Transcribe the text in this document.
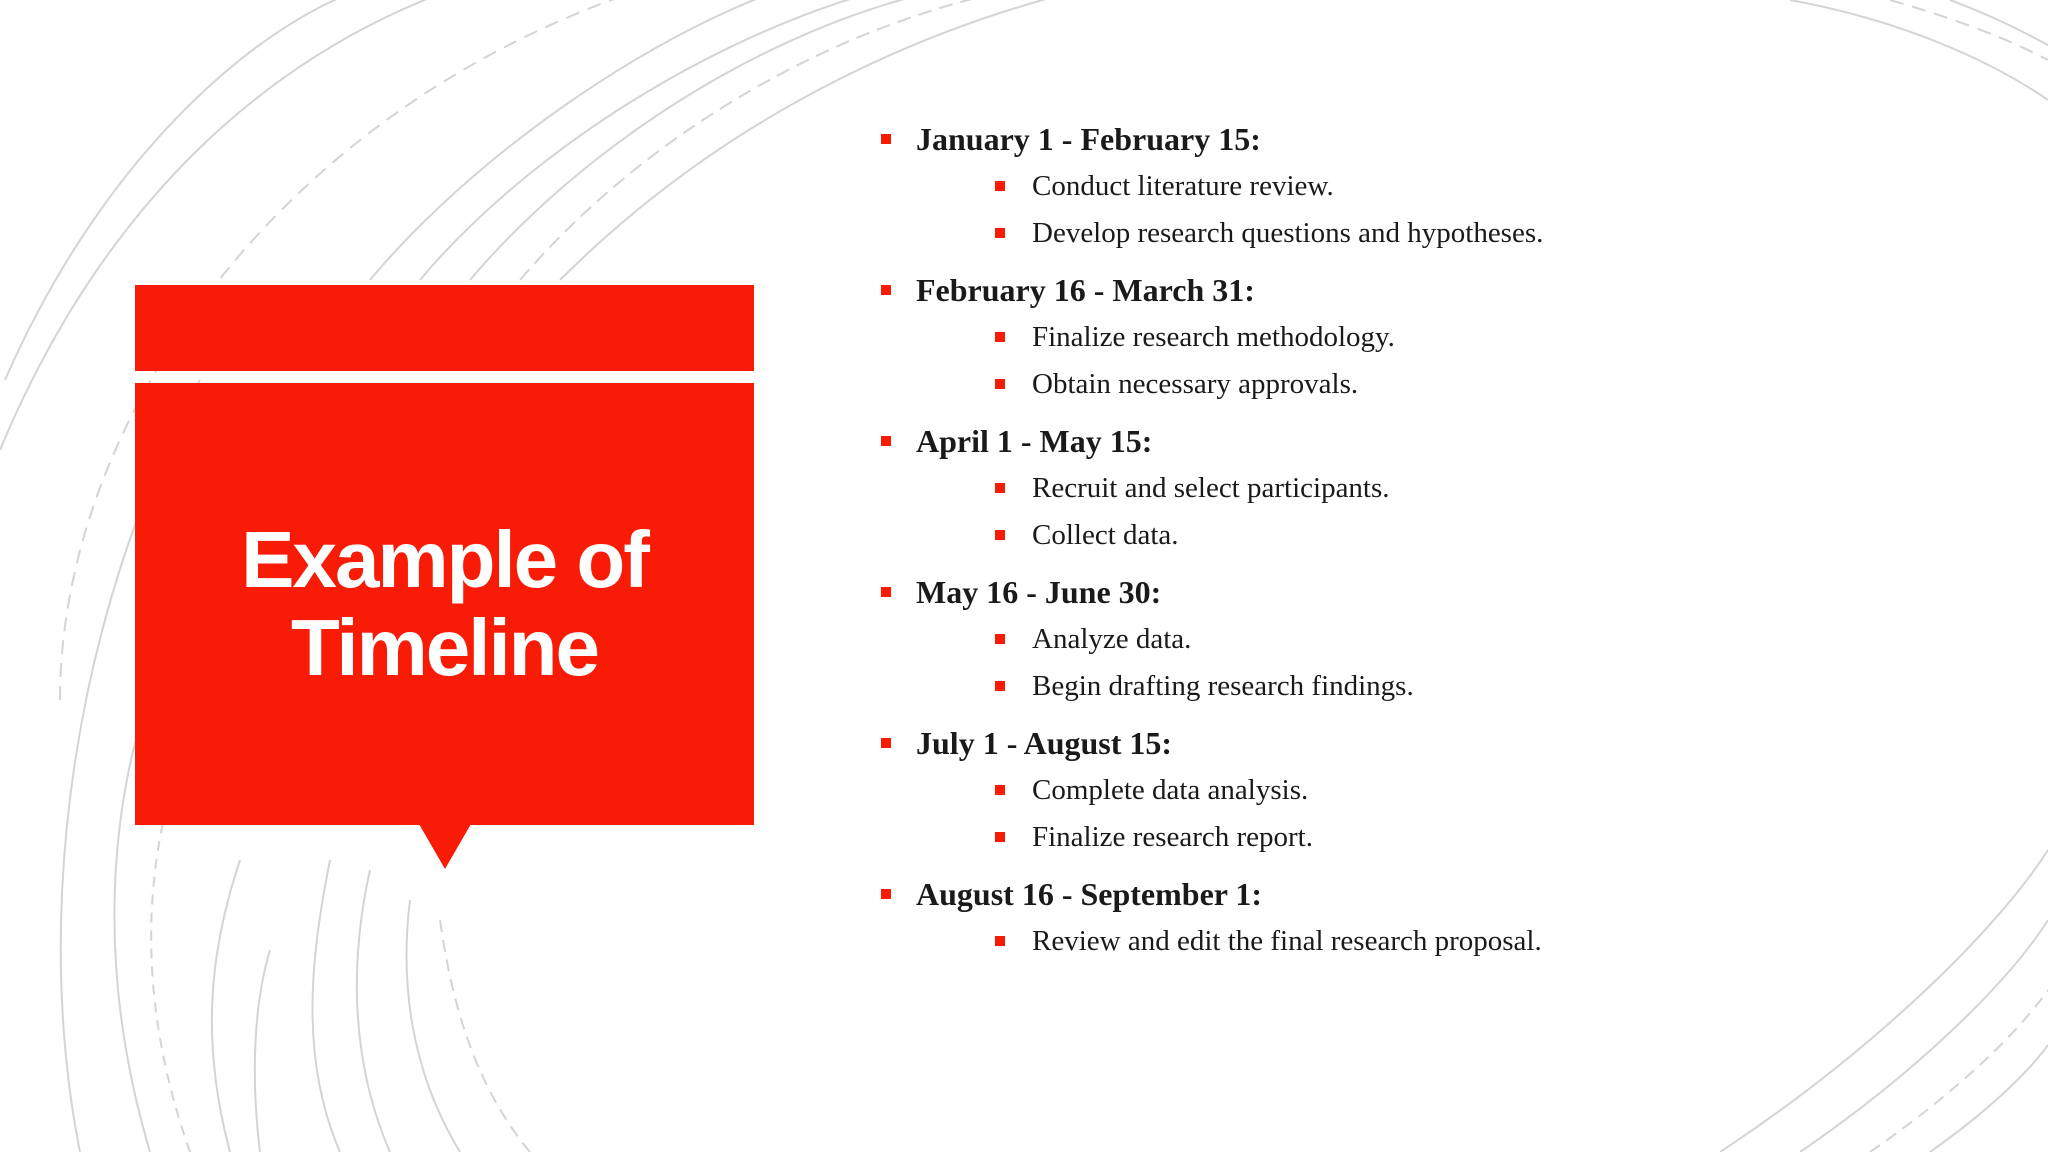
Example of Timeline
January 1 - February 15:
Conduct literature review.
Develop research questions and hypotheses.
February 16 - March 31:
Finalize research methodology.
Obtain necessary approvals.
April 1 - May 15:
Recruit and select participants.
Collect data.
May 16 - June 30:
Analyze data.
Begin drafting research findings.
July 1 - August 15:
Complete data analysis.
Finalize research report.
August 16 - September 1:
Review and edit the final research proposal.
